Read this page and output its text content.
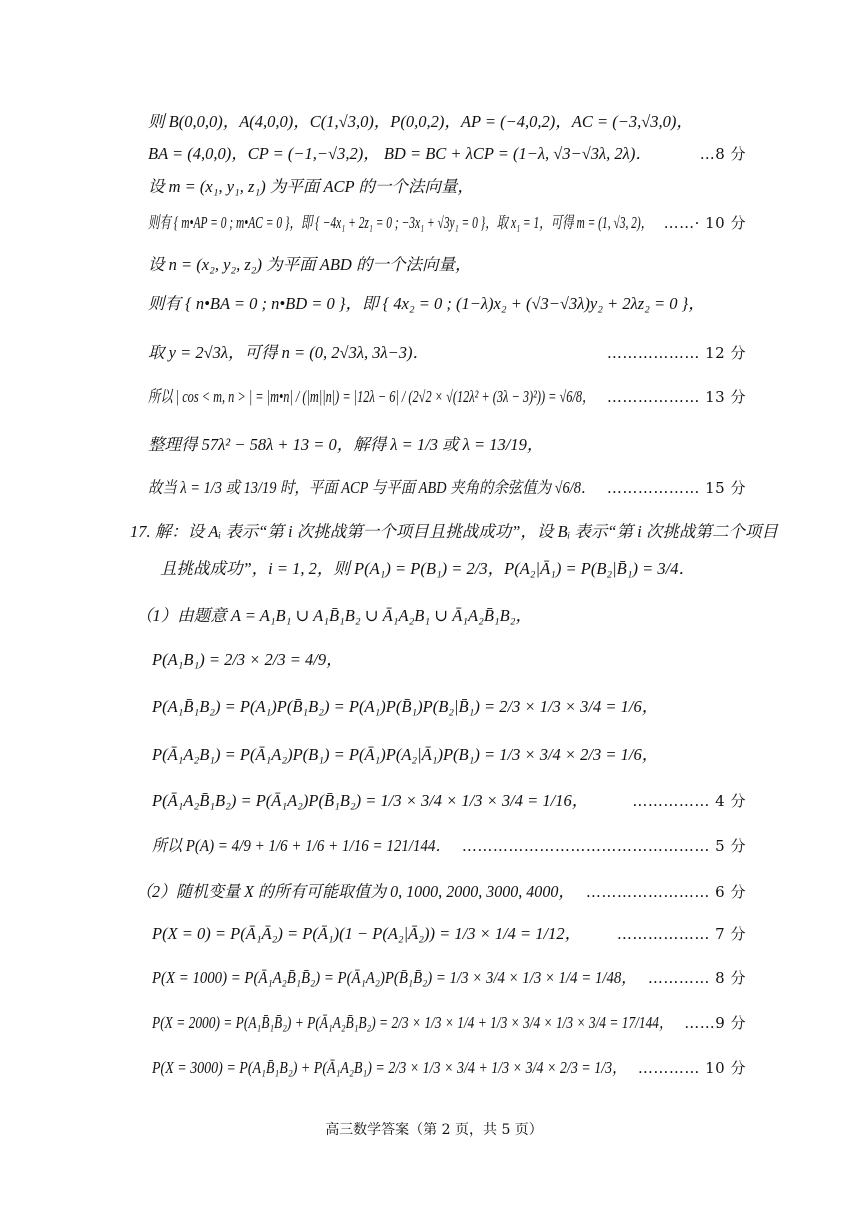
则 B(0,0,0)，A(4,0,0)，C(1,√3,0)，P(0,0,2)，AP = (−4,0,2)，AC = (−3,√3,0)，
BA = (4,0,0)，CP = (−1,−√3,2)， BD = BC + λCP = (1−λ, √3−√3λ, 2λ)．	…8 分
设 m = (x₁, y₁, z₁) 为平面 ACP 的一个法向量，
则有 { m•AP = 0 ; m•AC = 0 }，即 { −4x₁ + 2z₁ = 0 ; −3x₁ + √3y₁ = 0 }，取 x₁ = 1，可得 m = (1, √3, 2)， ……· 10 分
设 n = (x₂, y₂, z₂) 为平面 ABD 的一个法向量，
则有 { n•BA = 0 ; n•BD = 0 }，即 { 4x₂ = 0 ; (1−λ)x₂ + (√3−√3λ)y₂ + 2λz₂ = 0 }，
取 y = 2√3λ，可得 n = (0, 2√3λ, 3λ−3)．	……………… 12 分
所以 | cos < m, n > | = |m•n| / (|m||n|) = |12λ − 6| / (2√2 × √(12λ² + (3λ − 3)²)) = √6/8， ……………… 13 分
整理得 57λ² − 58λ + 13 = 0，解得 λ = 1/3 或 λ = 13/19，
故当 λ = 1/3 或 13/19 时，平面 ACP 与平面 ABD 夹角的余弦值为 √6/8． ……………… 15 分
17. 解：设 Aᵢ 表示“第 i 次挑战第一个项目且挑战成功”，设 Bᵢ 表示“第 i 次挑战第二个项目
且挑战成功”，i = 1, 2，则 P(A₁) = P(B₁) = 2/3，P(A₂|Ā₁) = P(B₂|B̄₁) = 3/4．
（1）由题意 A = A₁B₁ ∪ A₁B̄₁B₂ ∪ Ā₁A₂B₁ ∪ Ā₁A₂B̄₁B₂，
P(A₁B₁) = 2/3 × 2/3 = 4/9，
P(A₁B̄₁B₂) = P(A₁)P(B̄₁B₂) = P(A₁)P(B̄₁)P(B₂|B̄₁) = 2/3 × 1/3 × 3/4 = 1/6，
P(Ā₁A₂B₁) = P(Ā₁A₂)P(B₁) = P(Ā₁)P(A₂|Ā₁)P(B₁) = 1/3 × 3/4 × 2/3 = 1/6，
P(Ā₁A₂B̄₁B₂) = P(Ā₁A₂)P(B̄₁B₂) = 1/3 × 3/4 × 1/3 × 3/4 = 1/16，	…………… 4 分
所以 P(A) = 4/9 + 1/6 + 1/6 + 1/16 = 121/144． ………………………………………… 5 分
（2）随机变量 X 的所有可能取值为 0, 1000, 2000, 3000, 4000， …………………… 6 分
P(X = 0) = P(Ā₁Ā₂) = P(Ā₁)(1 − P(A₂|Ā₂)) = 1/3 × 1/4 = 1/12， ……………… 7 分
P(X = 1000) = P(Ā₁A₂B̄₁B̄₂) = P(Ā₁A₂)P(B̄₁B̄₂) = 1/3 × 3/4 × 1/3 × 1/4 = 1/48， ………… 8 分
P(X = 2000) = P(A₁B̄₁B̄₂) + P(Ā₁A₂B̄₁B₂) = 2/3 × 1/3 × 1/4 + 1/3 × 3/4 × 1/3 × 3/4 = 17/144， ……9 分
P(X = 3000) = P(A₁B̄₁B₂) + P(Ā₁A₂B₁) = 2/3 × 1/3 × 3/4 + 1/3 × 3/4 × 2/3 = 1/3， ………… 10 分
高三数学答案（第 2 页，共 5 页）
